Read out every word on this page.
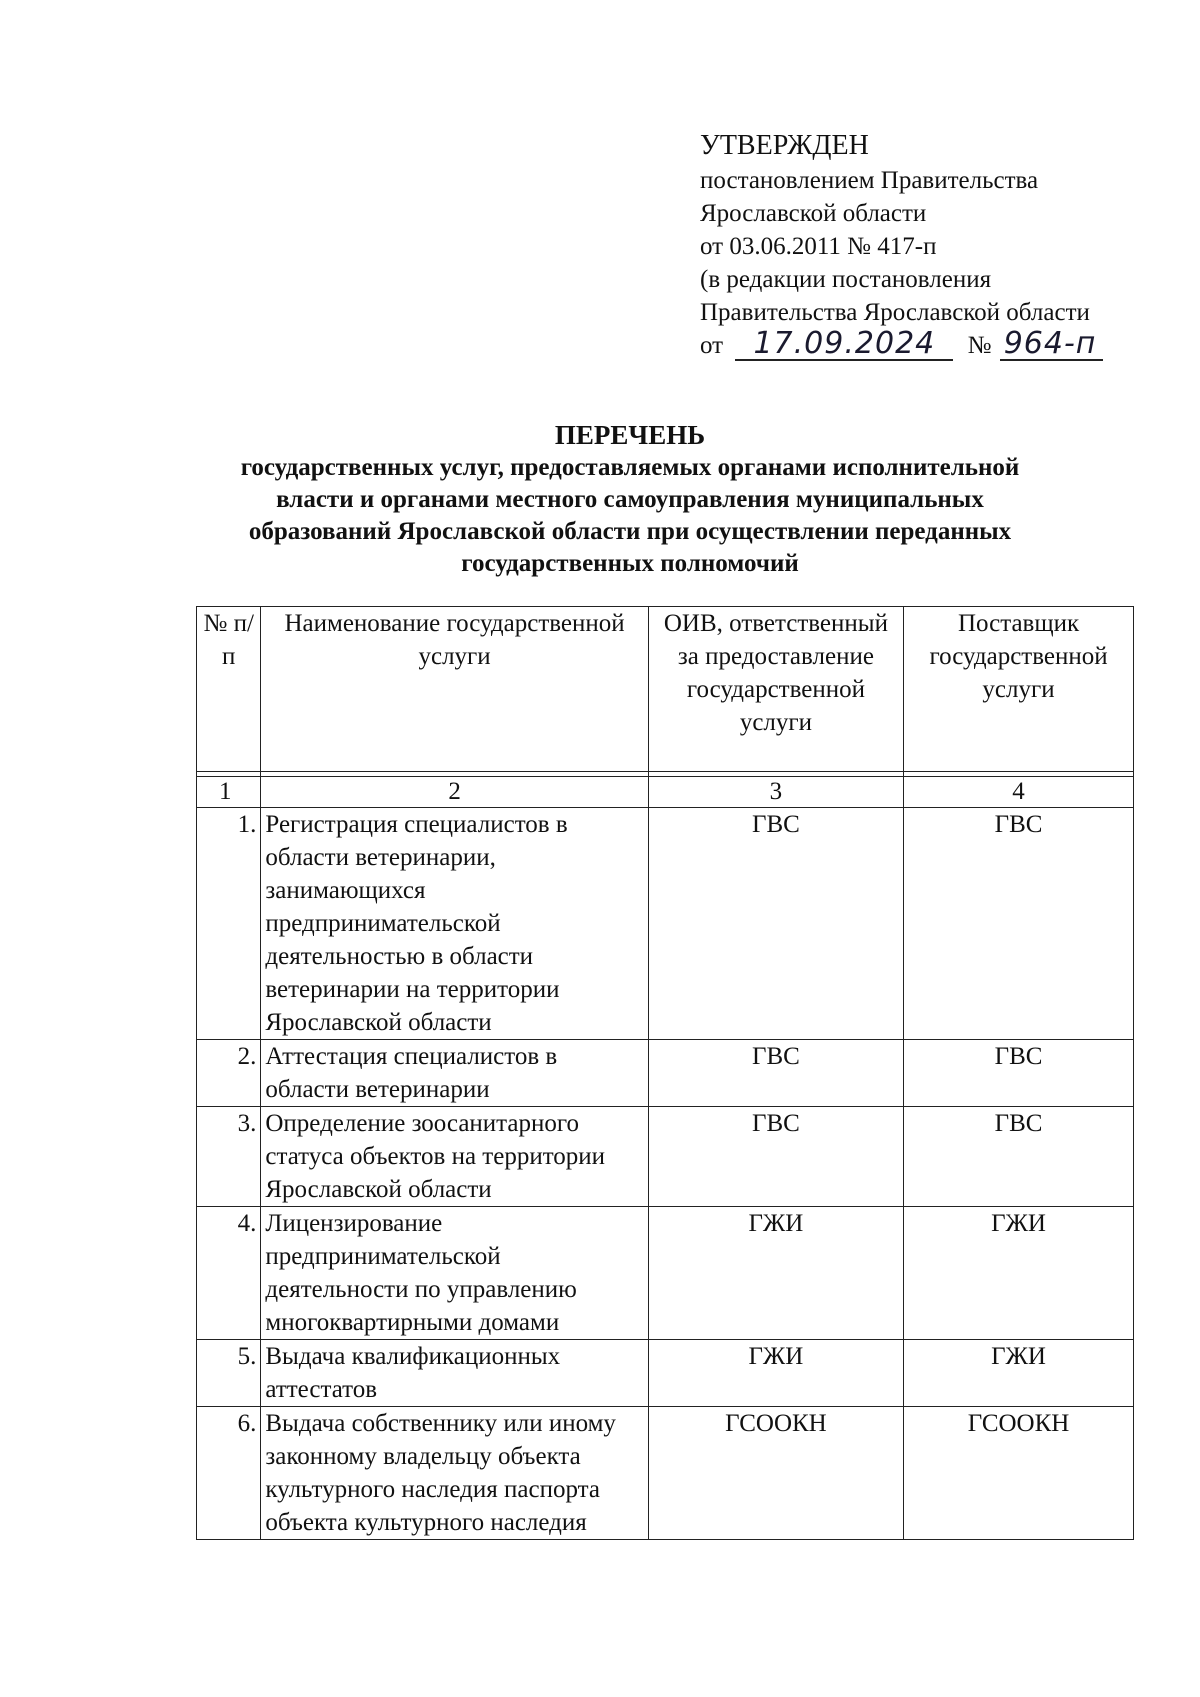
УТВЕРЖДЕН
постановлением Правительства
Ярославской области
от 03.06.2011 № 417-п
(в редакции постановления
Правительства Ярославской области
от 17.09.2024 № 964-п
ПЕРЕЧЕНЬ
государственных услуг, предоставляемых органами исполнительной
власти и органами местного самоуправления муниципальных
образований Ярославской области при осуществлении переданных
государственных полномочий
№ п/п	Наименование государственной услуги	ОИВ, ответственный за предоставление государственной услуги	Поставщик государственной услуги

1	2	3	4
1.	Регистрация специалистов в области ветеринарии, занимающихся предпринимательской деятельностью в области ветеринарии на территории Ярославской области	ГВС	ГВС
2.	Аттестация специалистов в области ветеринарии	ГВС	ГВС
3.	Определение зоосанитарного статуса объектов на территории Ярославской области	ГВС	ГВС
4.	Лицензирование предпринимательской деятельности по управлению многоквартирными домами	ГЖИ	ГЖИ
5.	Выдача квалификационных аттестатов	ГЖИ	ГЖИ
6.	Выдача собственнику или иному законному владельцу объекта культурного наследия паспорта объекта культурного наследия	ГСООКН	ГСООКН
